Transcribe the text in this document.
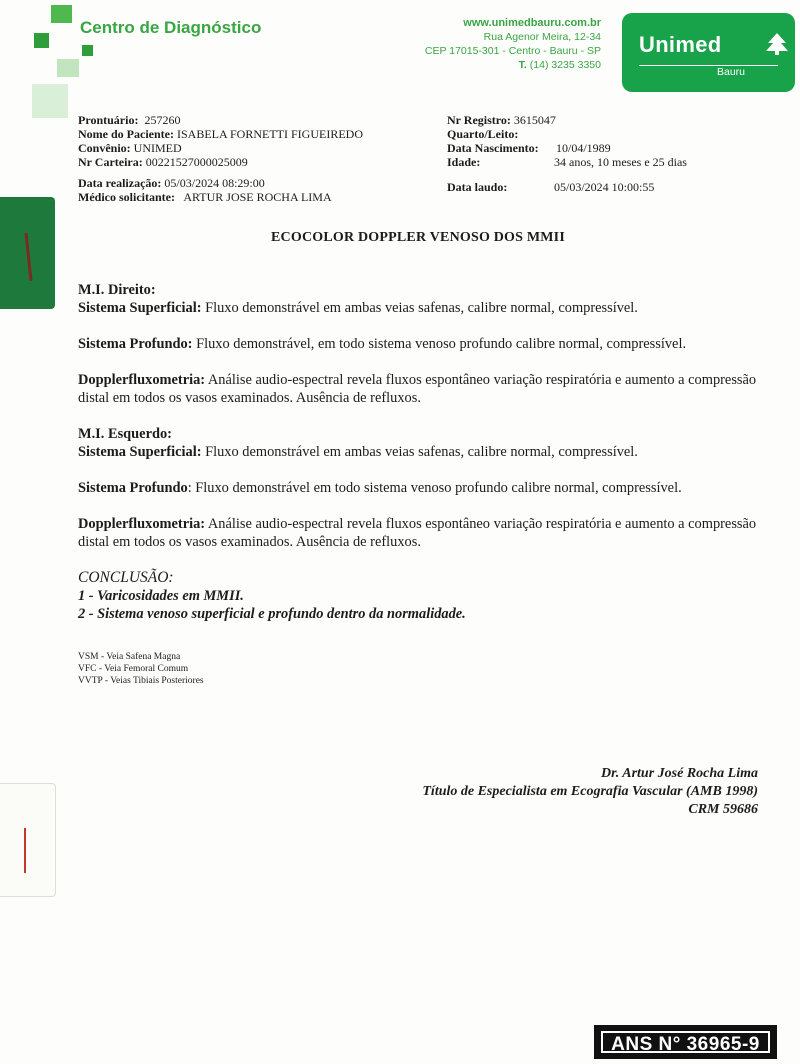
Centro de Diagnóstico	www.unimedbauru.com.br
Rua Agenor Meira, 12-34
CEP 17015-301 - Centro - Bauru - SP
T. (14) 3235 3350
Unimed
Bauru
Prontuário: 257260
Nome do Paciente: ISABELA FORNETTI FIGUEIREDO
Convênio: UNIMED
Nr Carteira: 00221527000025009
Data realização: 05/03/2024 08:29:00
Médico solicitante: ARTUR JOSE ROCHA LIMA
Nr Registro: 3615047
Quarto/Leito:
Data Nascimento: 10/04/1989
Idade:	34 anos, 10 meses e 25 dias
Data laudo:	05/03/2024 10:00:55
ECOCOLOR DOPPLER VENOSO DOS MMII

M.I. Direito:

Sistema Superficial: Fluxo demonstrável em ambas veias safenas, calibre normal, compressível.

Sistema Profundo: Fluxo demonstrável, em todo sistema venoso profundo calibre normal, compressível.

Dopplerfluxometria: Análise audio-espectral revela fluxos espontâneo variação respiratória e aumento a compressão distal em todos os vasos examinados. Ausência de refluxos.

M.I. Esquerdo:

Sistema Superficial: Fluxo demonstrável em ambas veias safenas, calibre normal, compressível.

Sistema Profundo: Fluxo demonstrável em todo sistema venoso profundo calibre normal, compressível.

Dopplerfluxometria: Análise audio-espectral revela fluxos espontâneo variação respiratória e aumento a compressão distal em todos os vasos examinados. Ausência de refluxos.

CONCLUSÃO:
1 - Varicosidades em MMII.
2 - Sistema venoso superficial e profundo dentro da normalidade.
VSM - Veia Safena Magna
VFC - Veia Femoral Comum
VVTP - Veias Tibiais Posteriores
Dr. Artur José Rocha Lima
Título de Especialista em Ecografia Vascular (AMB 1998)
CRM 59686
ANS N° 36965-9
